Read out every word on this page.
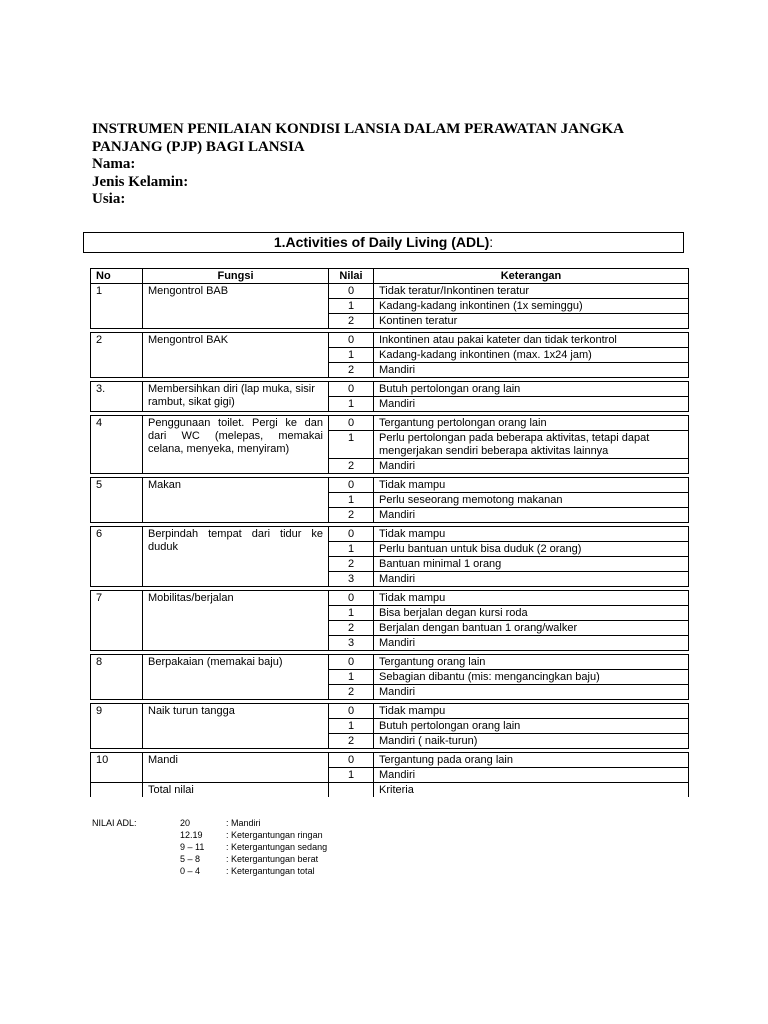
INSTRUMEN PENILAIAN KONDISI LANSIA DALAM PERAWATAN JANGKA
PANJANG (PJP) BAGI LANSIA
Nama:
Jenis Kelamin:
Usia:
1.Activities of Daily Living (ADL):
No	Fungsi	Nilai	Keterangan
1	Mengontrol BAB	0	Tidak teratur/Inkontinen teratur
		1	Kadang-kadang inkontinen (1x seminggu)
		2	Kontinen teratur

2	Mengontrol BAK	0	Inkontinen atau pakai kateter dan tidak terkontrol
		1	Kadang-kadang inkontinen (max. 1x24 jam)
		2	Mandiri

3.	Membersihkan diri (lap muka, sisir rambut, sikat gigi)	0	Butuh pertolongan orang lain
		1	Mandiri

4	Penggunaan toilet. Pergi ke dan dari WC (melepas, memakai celana, menyeka, menyiram)	0	Tergantung pertolongan orang lain
		1	Perlu pertolongan pada beberapa aktivitas, tetapi dapat mengerjakan sendiri beberapa aktivitas lainnya
		2	Mandiri

5	Makan	0	Tidak mampu
		1	Perlu seseorang memotong makanan
		2	Mandiri

6	Berpindah tempat dari tidur ke duduk	0	Tidak mampu
		1	Perlu bantuan untuk bisa duduk (2 orang)
		2	Bantuan minimal 1 orang
		3	Mandiri

7	Mobilitas/berjalan	0	Tidak mampu
		1	Bisa berjalan degan kursi roda
		2	Berjalan dengan bantuan 1 orang/walker
		3	Mandiri

8	Berpakaian (memakai baju)	0	Tergantung orang lain
		1	Sebagian dibantu (mis: mengancingkan baju)
		2	Mandiri

9	Naik turun tangga	0	Tidak mampu
		1	Butuh pertolongan orang lain
		2	Mandiri ( naik-turun)

10	Mandi	0	Tergantung pada orang lain
		1	Mandiri
	Total nilai		Kriteria
NILAI ADL:	20	: Mandiri
12.19	: Ketergantungan ringan
9 – 11 : Ketergantungan sedang
5 – 8	: Ketergantungan berat
0 – 4	: Ketergantungan total
